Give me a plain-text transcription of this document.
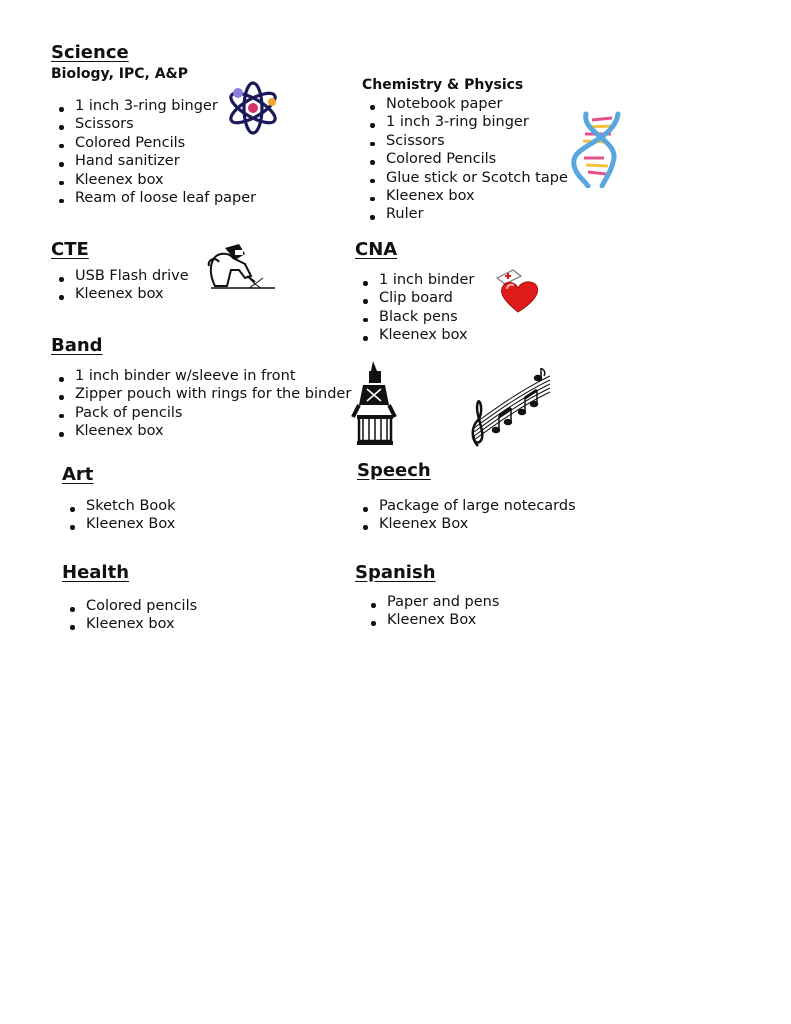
Science

Biology, IPC, A&P

1 inch 3-ring binger
Scissors
Colored Pencils
Hand sanitizer
Kleenex box
Ream of loose leaf paper

Chemistry & Physics

Notebook paper
1 inch 3-ring binger
Scissors
Colored Pencils
Glue stick or Scotch tape
Kleenex box
Ruler
CTE
USB Flash drive
Kleenex box
CNA
1 inch binder
Clip board
Black pens
Kleenex box
Band
1 inch binder w/sleeve in front
Zipper pouch with rings for the binder
Pack of pencils
Kleenex box
Art
Sketch Book
Kleenex Box
Speech
Package of large notecards
Kleenex Box
Health
Colored pencils
Kleenex box
Spanish
Paper and pens
Kleenex Box
